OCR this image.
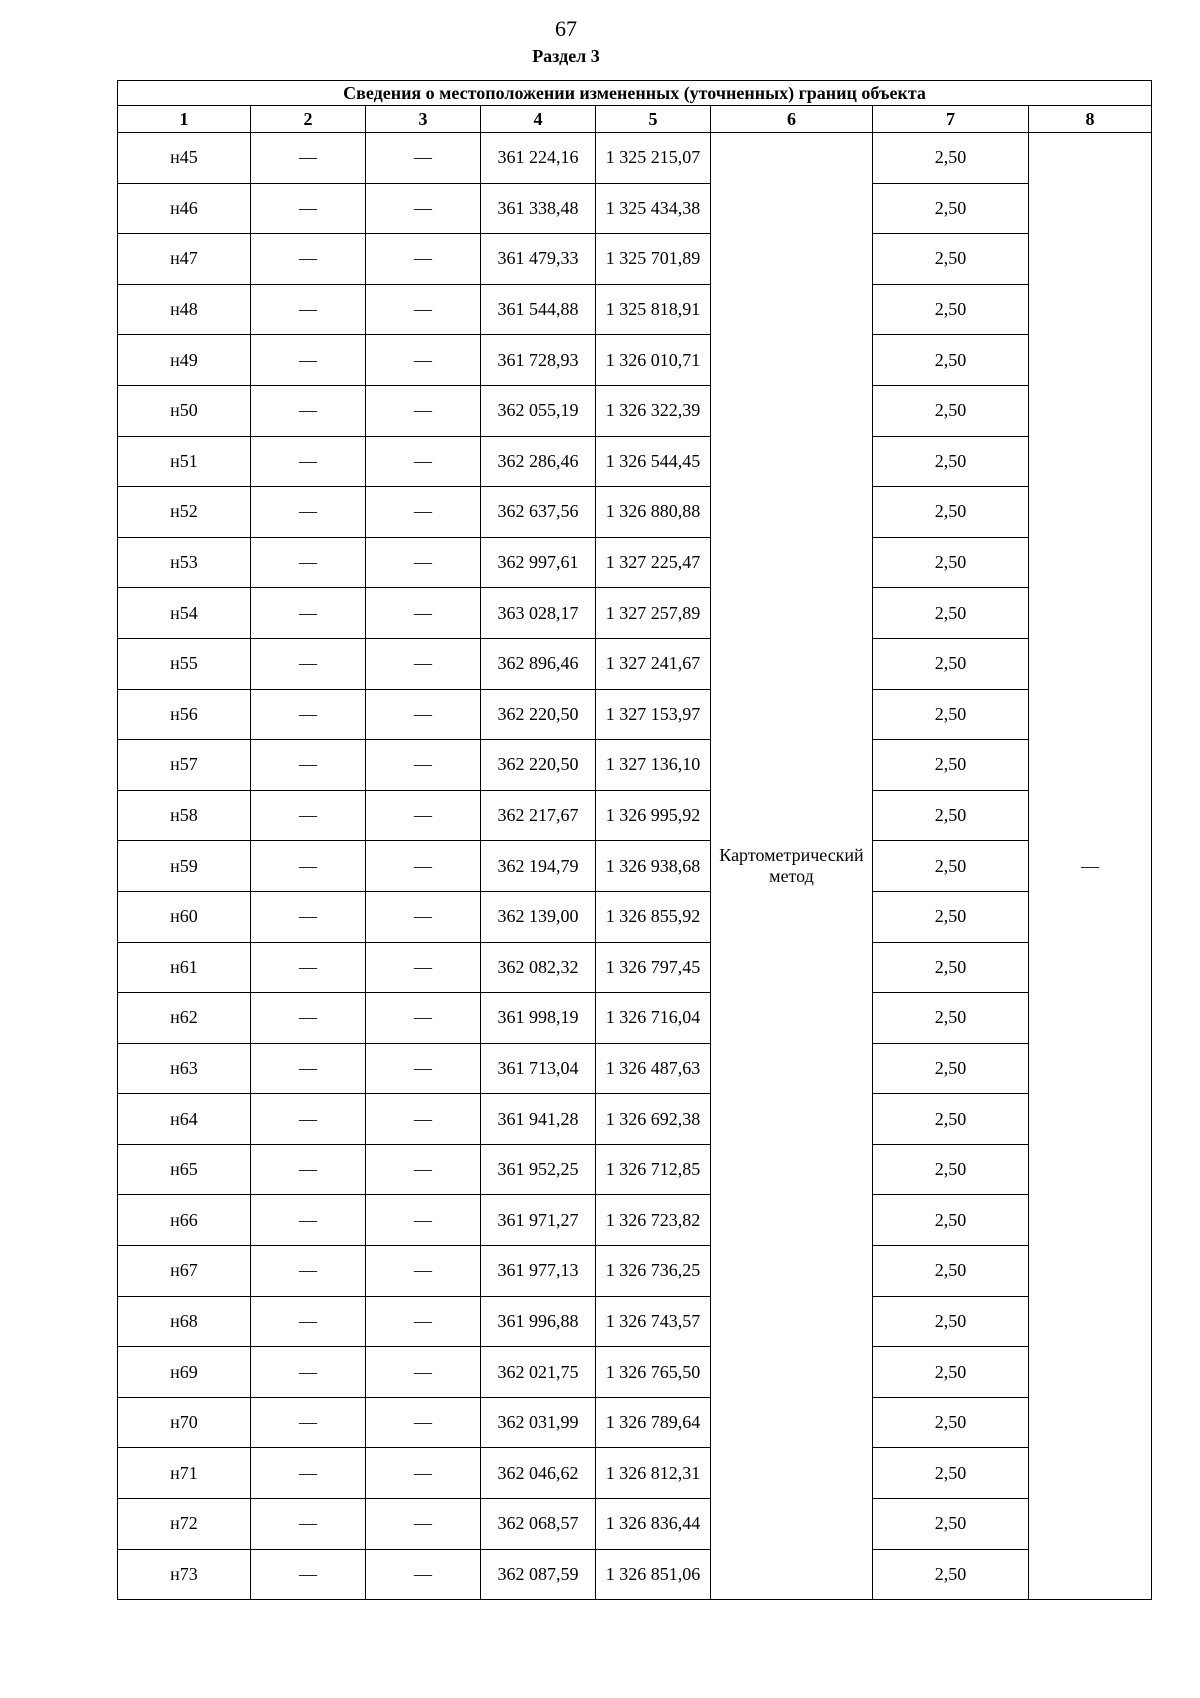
67
Раздел 3
Сведения о местоположении измененных (уточненных) границ объекта							
1	2	3	4	5	6	7	8
н45	—	—	361 224,16	1 325 215,07	Картометрический метод	2,50	—
н46	—	—	361 338,48	1 325 434,38		2,50	
н47	—	—	361 479,33	1 325 701,89		2,50	
н48	—	—	361 544,88	1 325 818,91		2,50	
н49	—	—	361 728,93	1 326 010,71		2,50	
н50	—	—	362 055,19	1 326 322,39		2,50	
н51	—	—	362 286,46	1 326 544,45		2,50	
н52	—	—	362 637,56	1 326 880,88		2,50	
н53	—	—	362 997,61	1 327 225,47		2,50	
н54	—	—	363 028,17	1 327 257,89		2,50	
н55	—	—	362 896,46	1 327 241,67		2,50	
н56	—	—	362 220,50	1 327 153,97		2,50	
н57	—	—	362 220,50	1 327 136,10		2,50	
н58	—	—	362 217,67	1 326 995,92		2,50	
н59	—	—	362 194,79	1 326 938,68		2,50	
н60	—	—	362 139,00	1 326 855,92		2,50	
н61	—	—	362 082,32	1 326 797,45		2,50	
н62	—	—	361 998,19	1 326 716,04		2,50	
н63	—	—	361 713,04	1 326 487,63		2,50	
н64	—	—	361 941,28	1 326 692,38		2,50	
н65	—	—	361 952,25	1 326 712,85		2,50	
н66	—	—	361 971,27	1 326 723,82		2,50	
н67	—	—	361 977,13	1 326 736,25		2,50	
н68	—	—	361 996,88	1 326 743,57		2,50	
н69	—	—	362 021,75	1 326 765,50		2,50	
н70	—	—	362 031,99	1 326 789,64		2,50	
н71	—	—	362 046,62	1 326 812,31		2,50	
н72	—	—	362 068,57	1 326 836,44		2,50	
н73	—	—	362 087,59	1 326 851,06		2,50	
